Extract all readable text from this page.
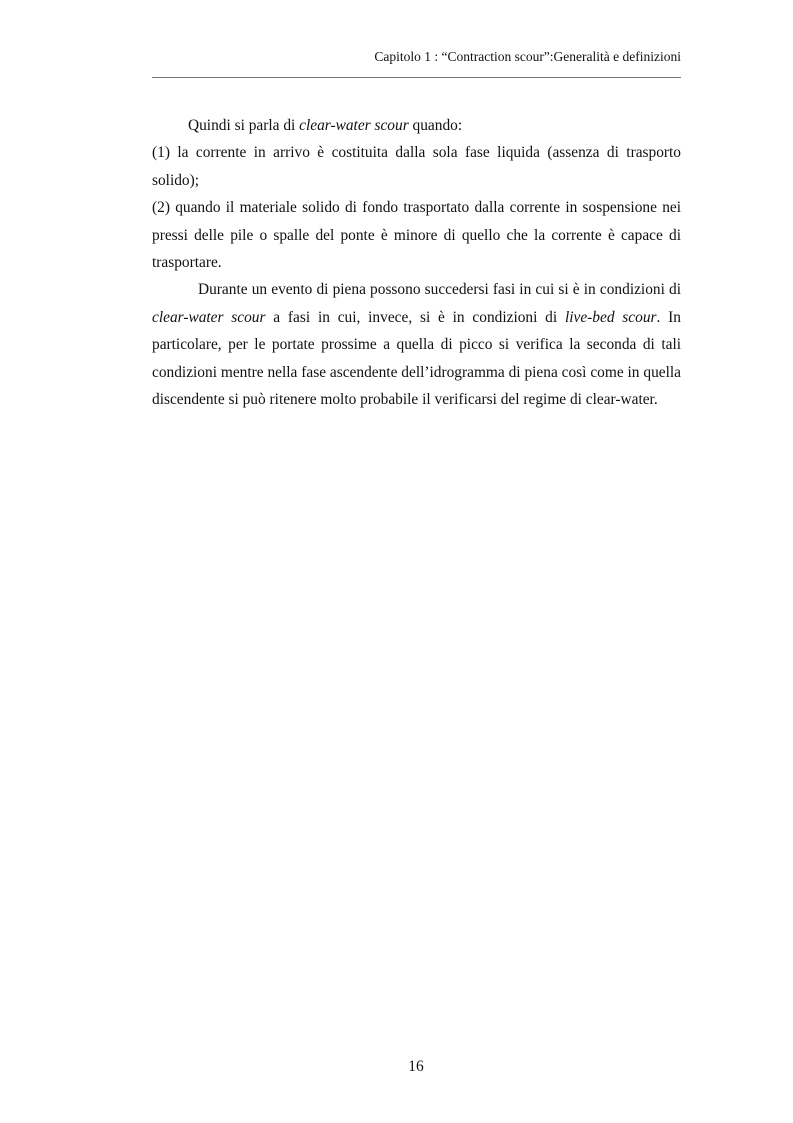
Capitolo 1 : “Contraction scour”:Generalità e definizioni

Quindi si parla di clear-water scour quando:

(1) la corrente in arrivo è costituita dalla sola fase liquida (assenza di trasporto solido);

(2) quando il materiale solido di fondo trasportato dalla corrente in sospensione nei pressi delle pile o spalle del ponte è minore di quello che la corrente è capace di trasportare.

Durante un evento di piena possono succedersi fasi in cui si è in condizioni di clear-water scour a fasi in cui, invece, si è in condizioni di live-bed scour. In particolare, per le portate prossime a quella di picco si verifica la seconda di tali condizioni mentre nella fase ascendente dell’idrogramma di piena così come in quella discendente si può ritenere molto probabile il verificarsi del regime di clear-water.

16
